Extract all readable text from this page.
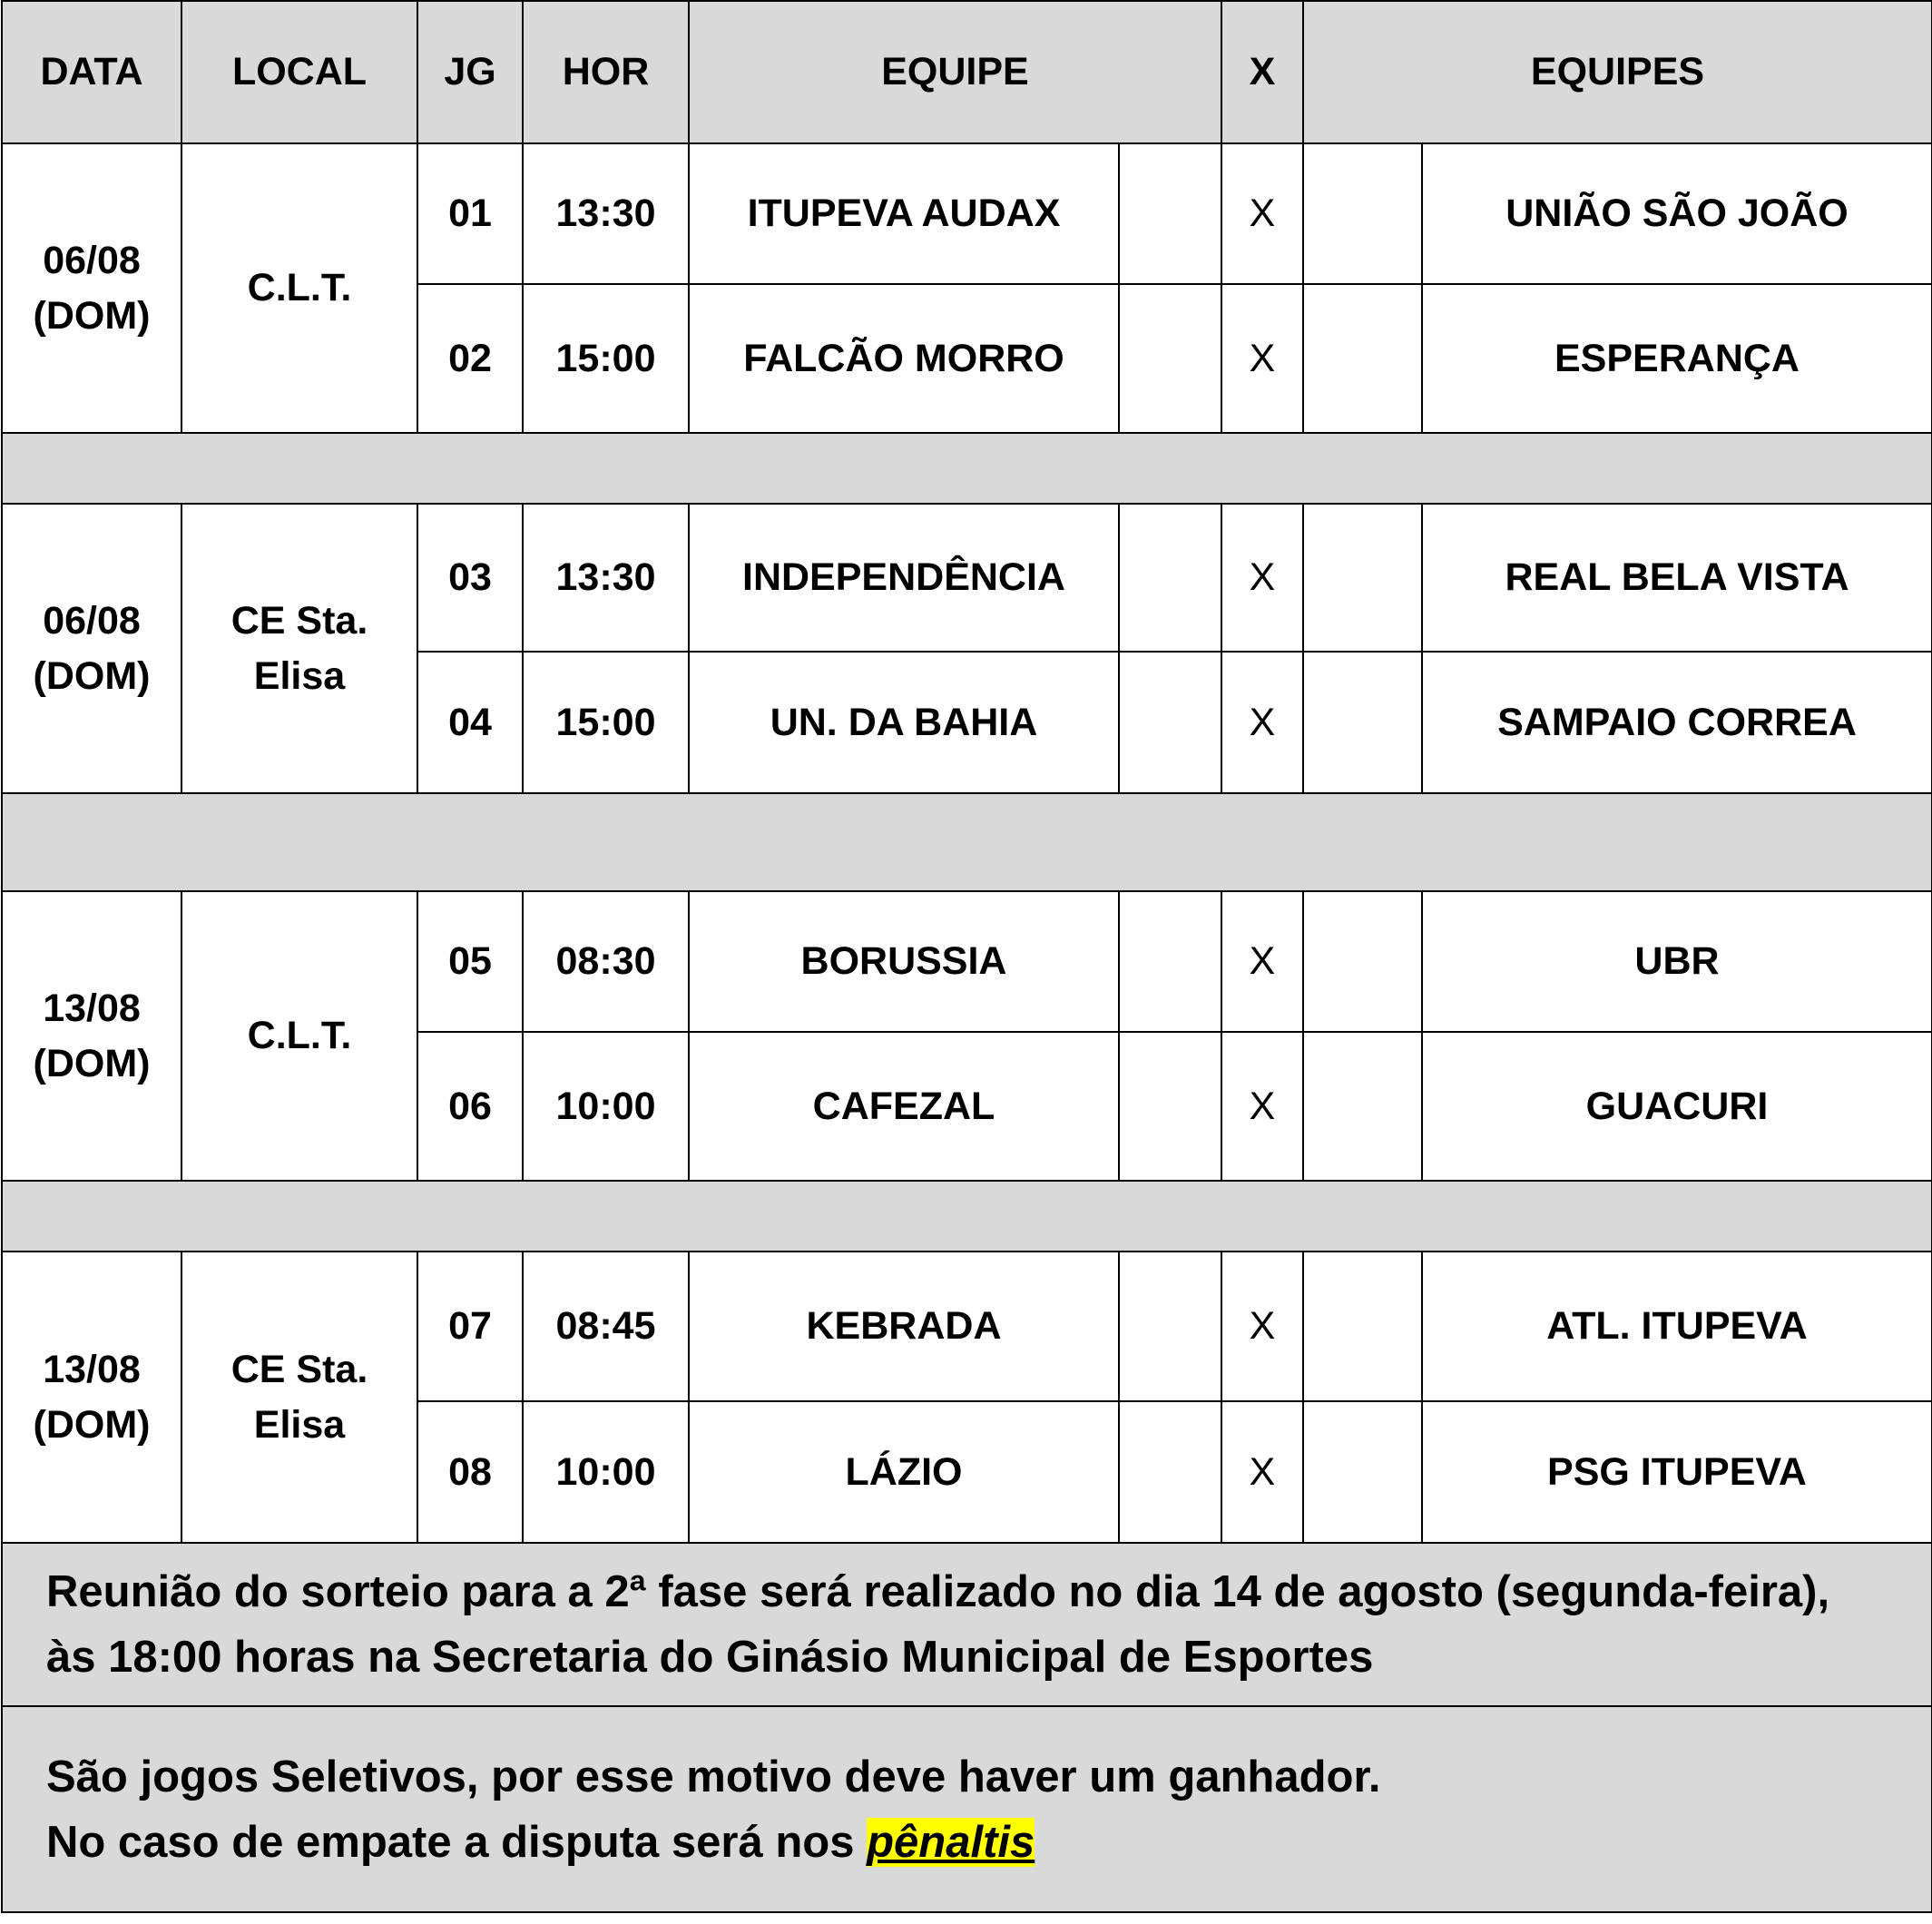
DATA	LOCAL	JG	HOR	EQUIPE		X	EQUIPES	

06/08
(DOM)	C.L.T.	01	13:30	ITUPEVA AUDAX		X		UNIÃO SÃO JOÃO
		02	15:00	FALCÃO MORRO		X		ESPERANÇA

06/08
(DOM)	CE Sta.
Elisa	03	13:30	INDEPENDÊNCIA		X		REAL BELA VISTA
		04	15:00	UN. DA BAHIA		X		SAMPAIO CORREA

13/08
(DOM)	C.L.T.	05	08:30	BORUSSIA		X		UBR
		06	10:00	CAFEZAL		X		GUACURI

13/08
(DOM)	CE Sta.
Elisa	07	08:45	KEBRADA		X		ATL. ITUPEVA
		08	10:00	LÁZIO		X		PSG ITUPEVA

Reunião do sorteio para a 2ª fase será realizado no dia 14 de agosto (segunda-feira),
às 18:00 horas na Secretaria do Ginásio Municipal de Esportes								

São jogos Seletivos, por esse motivo deve haver um ganhador.
No caso de empate a disputa será nos pênaltis								
